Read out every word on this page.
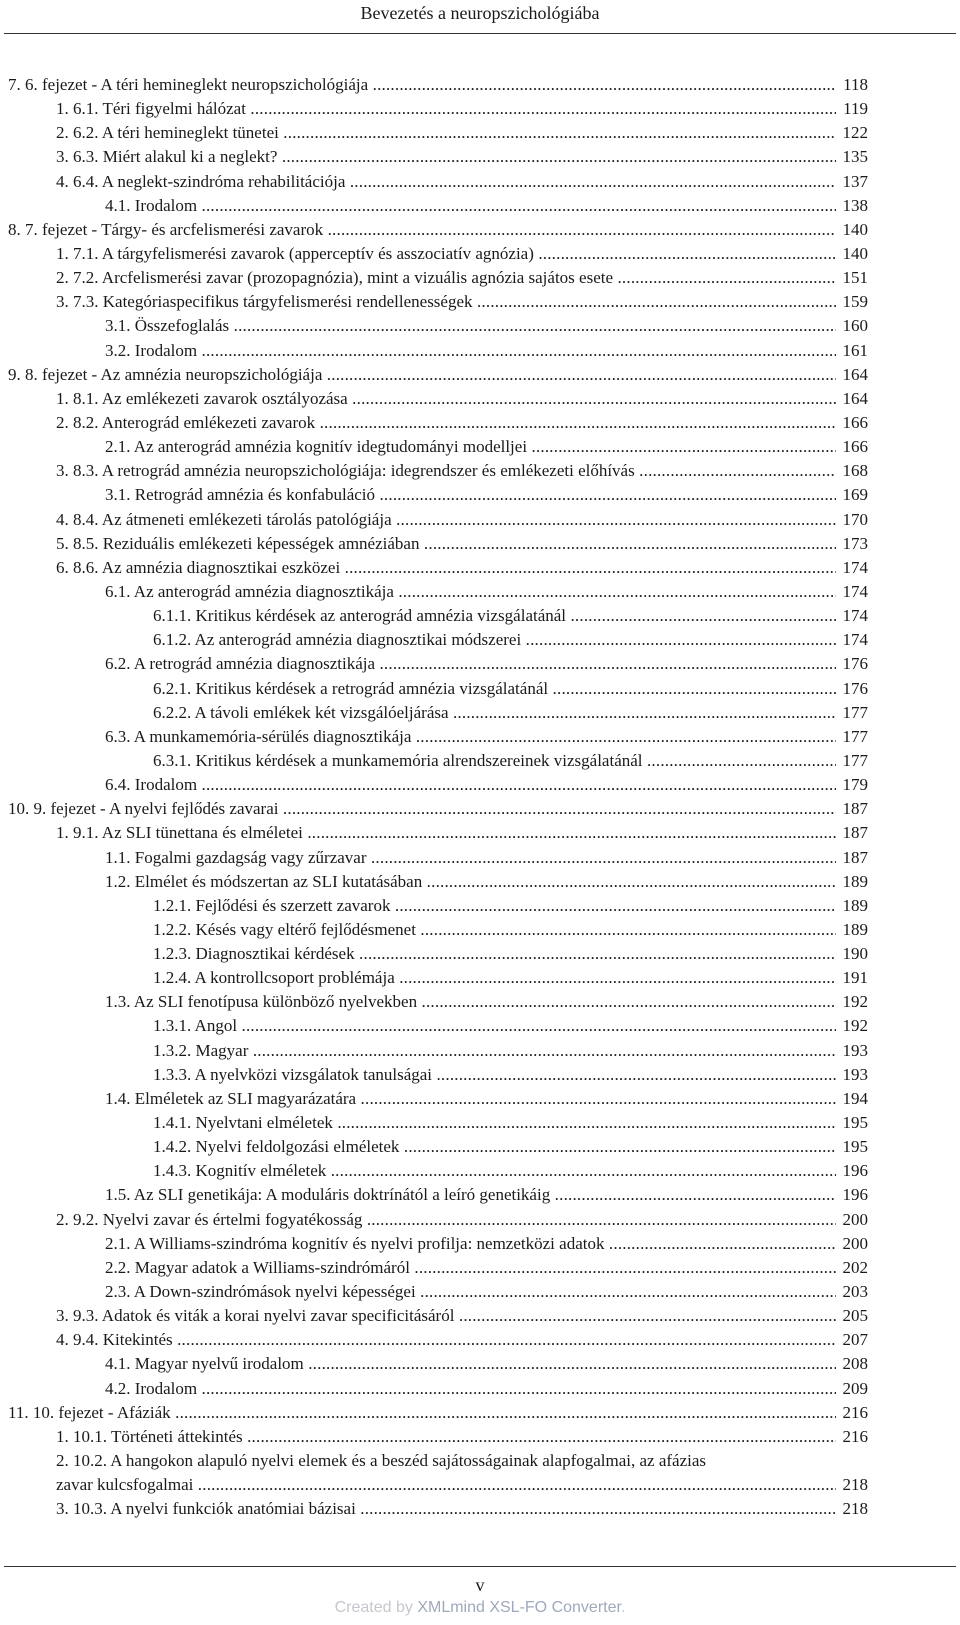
Bevezetés a neuropszichológiába
7. 6. fejezet - A téri hemineglekt neuropszichológiája .....	118
1. 6.1. Téri figyelmi hálózat .....	119
2. 6.2. A téri hemineglekt tünetei .....	122
3. 6.3. Miért alakul ki a neglekt? .....	135
4. 6.4. A neglekt-szindróma rehabilitációja .....	137
4.1. Irodalom .....	138
8. 7. fejezet - Tárgy- és arcfelismerési zavarok .....	140
1. 7.1. A tárgyfelismerési zavarok (apperceptív és asszociatív agnózia) .....	140
2. 7.2. Arcfelismerési zavar (prozopagnózia), mint a vizuális agnózia sajátos esete .....	151
3. 7.3. Kategóriaspecifikus tárgyfelismerési rendellenességek .....	159
3.1. Összefoglalás .....	160
3.2. Irodalom .....	161
9. 8. fejezet - Az amnézia neuropszichológiája .....	164
1. 8.1. Az emlékezeti zavarok osztályozása .....	164
2. 8.2. Anterográd emlékezeti zavarok .....	166
2.1. Az anterográd amnézia kognitív idegtudományi modelljei .....	166
3. 8.3. A retrográd amnézia neuropszichológiája: idegrendszer és emlékezeti előhívás .....	168
3.1. Retrográd amnézia és konfabuláció .....	169
4. 8.4. Az átmeneti emlékezeti tárolás patológiája .....	170
5. 8.5. Reziduális emlékezeti képességek amnéziában .....	173
6. 8.6. Az amnézia diagnosztikai eszközei .....	174
6.1. Az anterográd amnézia diagnosztikája .....	174
6.1.1. Kritikus kérdések az anterográd amnézia vizsgálatánál .....	174
6.1.2. Az anterográd amnézia diagnosztikai módszerei .....	174
6.2. A retrográd amnézia diagnosztikája .....	176
6.2.1. Kritikus kérdések a retrográd amnézia vizsgálatánál .....	176
6.2.2. A távoli emlékek két vizsgálóeljárása .....	177
6.3. A munkamemória-sérülés diagnosztikája .....	177
6.3.1. Kritikus kérdések a munkamemória alrendszereinek vizsgálatánál .....	177
6.4. Irodalom .....	179
10. 9. fejezet - A nyelvi fejlődés zavarai .....	187
1. 9.1. Az SLI tünettana és elméletei .....	187
1.1. Fogalmi gazdagság vagy zűrzavar .....	187
1.2. Elmélet és módszertan az SLI kutatásában .....	189
1.2.1. Fejlődési és szerzett zavarok .....	189
1.2.2. Késés vagy eltérő fejlődésmenet .....	189
1.2.3. Diagnosztikai kérdések .....	190
1.2.4. A kontrollcsoport problémája .....	191
1.3. Az SLI fenotípusa különböző nyelvekben .....	192
1.3.1. Angol .....	192
1.3.2. Magyar .....	193
1.3.3. A nyelvközi vizsgálatok tanulságai .....	193
1.4. Elméletek az SLI magyarázatára .....	194
1.4.1. Nyelvtani elméletek .....	195
1.4.2. Nyelvi feldolgozási elméletek .....	195
1.4.3. Kognitív elméletek .....	196
1.5. Az SLI genetikája: A moduláris doktrínától a leíró genetikáig .....	196
2. 9.2. Nyelvi zavar és értelmi fogyatékosság .....	200
2.1. A Williams-szindróma kognitív és nyelvi profilja: nemzetközi adatok .....	200
2.2. Magyar adatok a Williams-szindrómáról .....	202
2.3. A Down-szindrómások nyelvi képességei .....	203
3. 9.3. Adatok és viták a korai nyelvi zavar specificitásáról .....	205
4. 9.4. Kitekintés .....	207
4.1. Magyar nyelvű irodalom .....	208
4.2. Irodalom .....	209
11. 10. fejezet - Afáziák .....	216
1. 10.1. Történeti áttekintés .....	216
2. 10.2. A hangokon alapuló nyelvi elemek és a beszéd sajátosságainak alapfogalmai, az afázias
zavar kulcsfogalmai .....	218
3. 10.3. A nyelvi funkciók anatómiai bázisai .....	218
v
Created by XMLmind XSL-FO Converter.
